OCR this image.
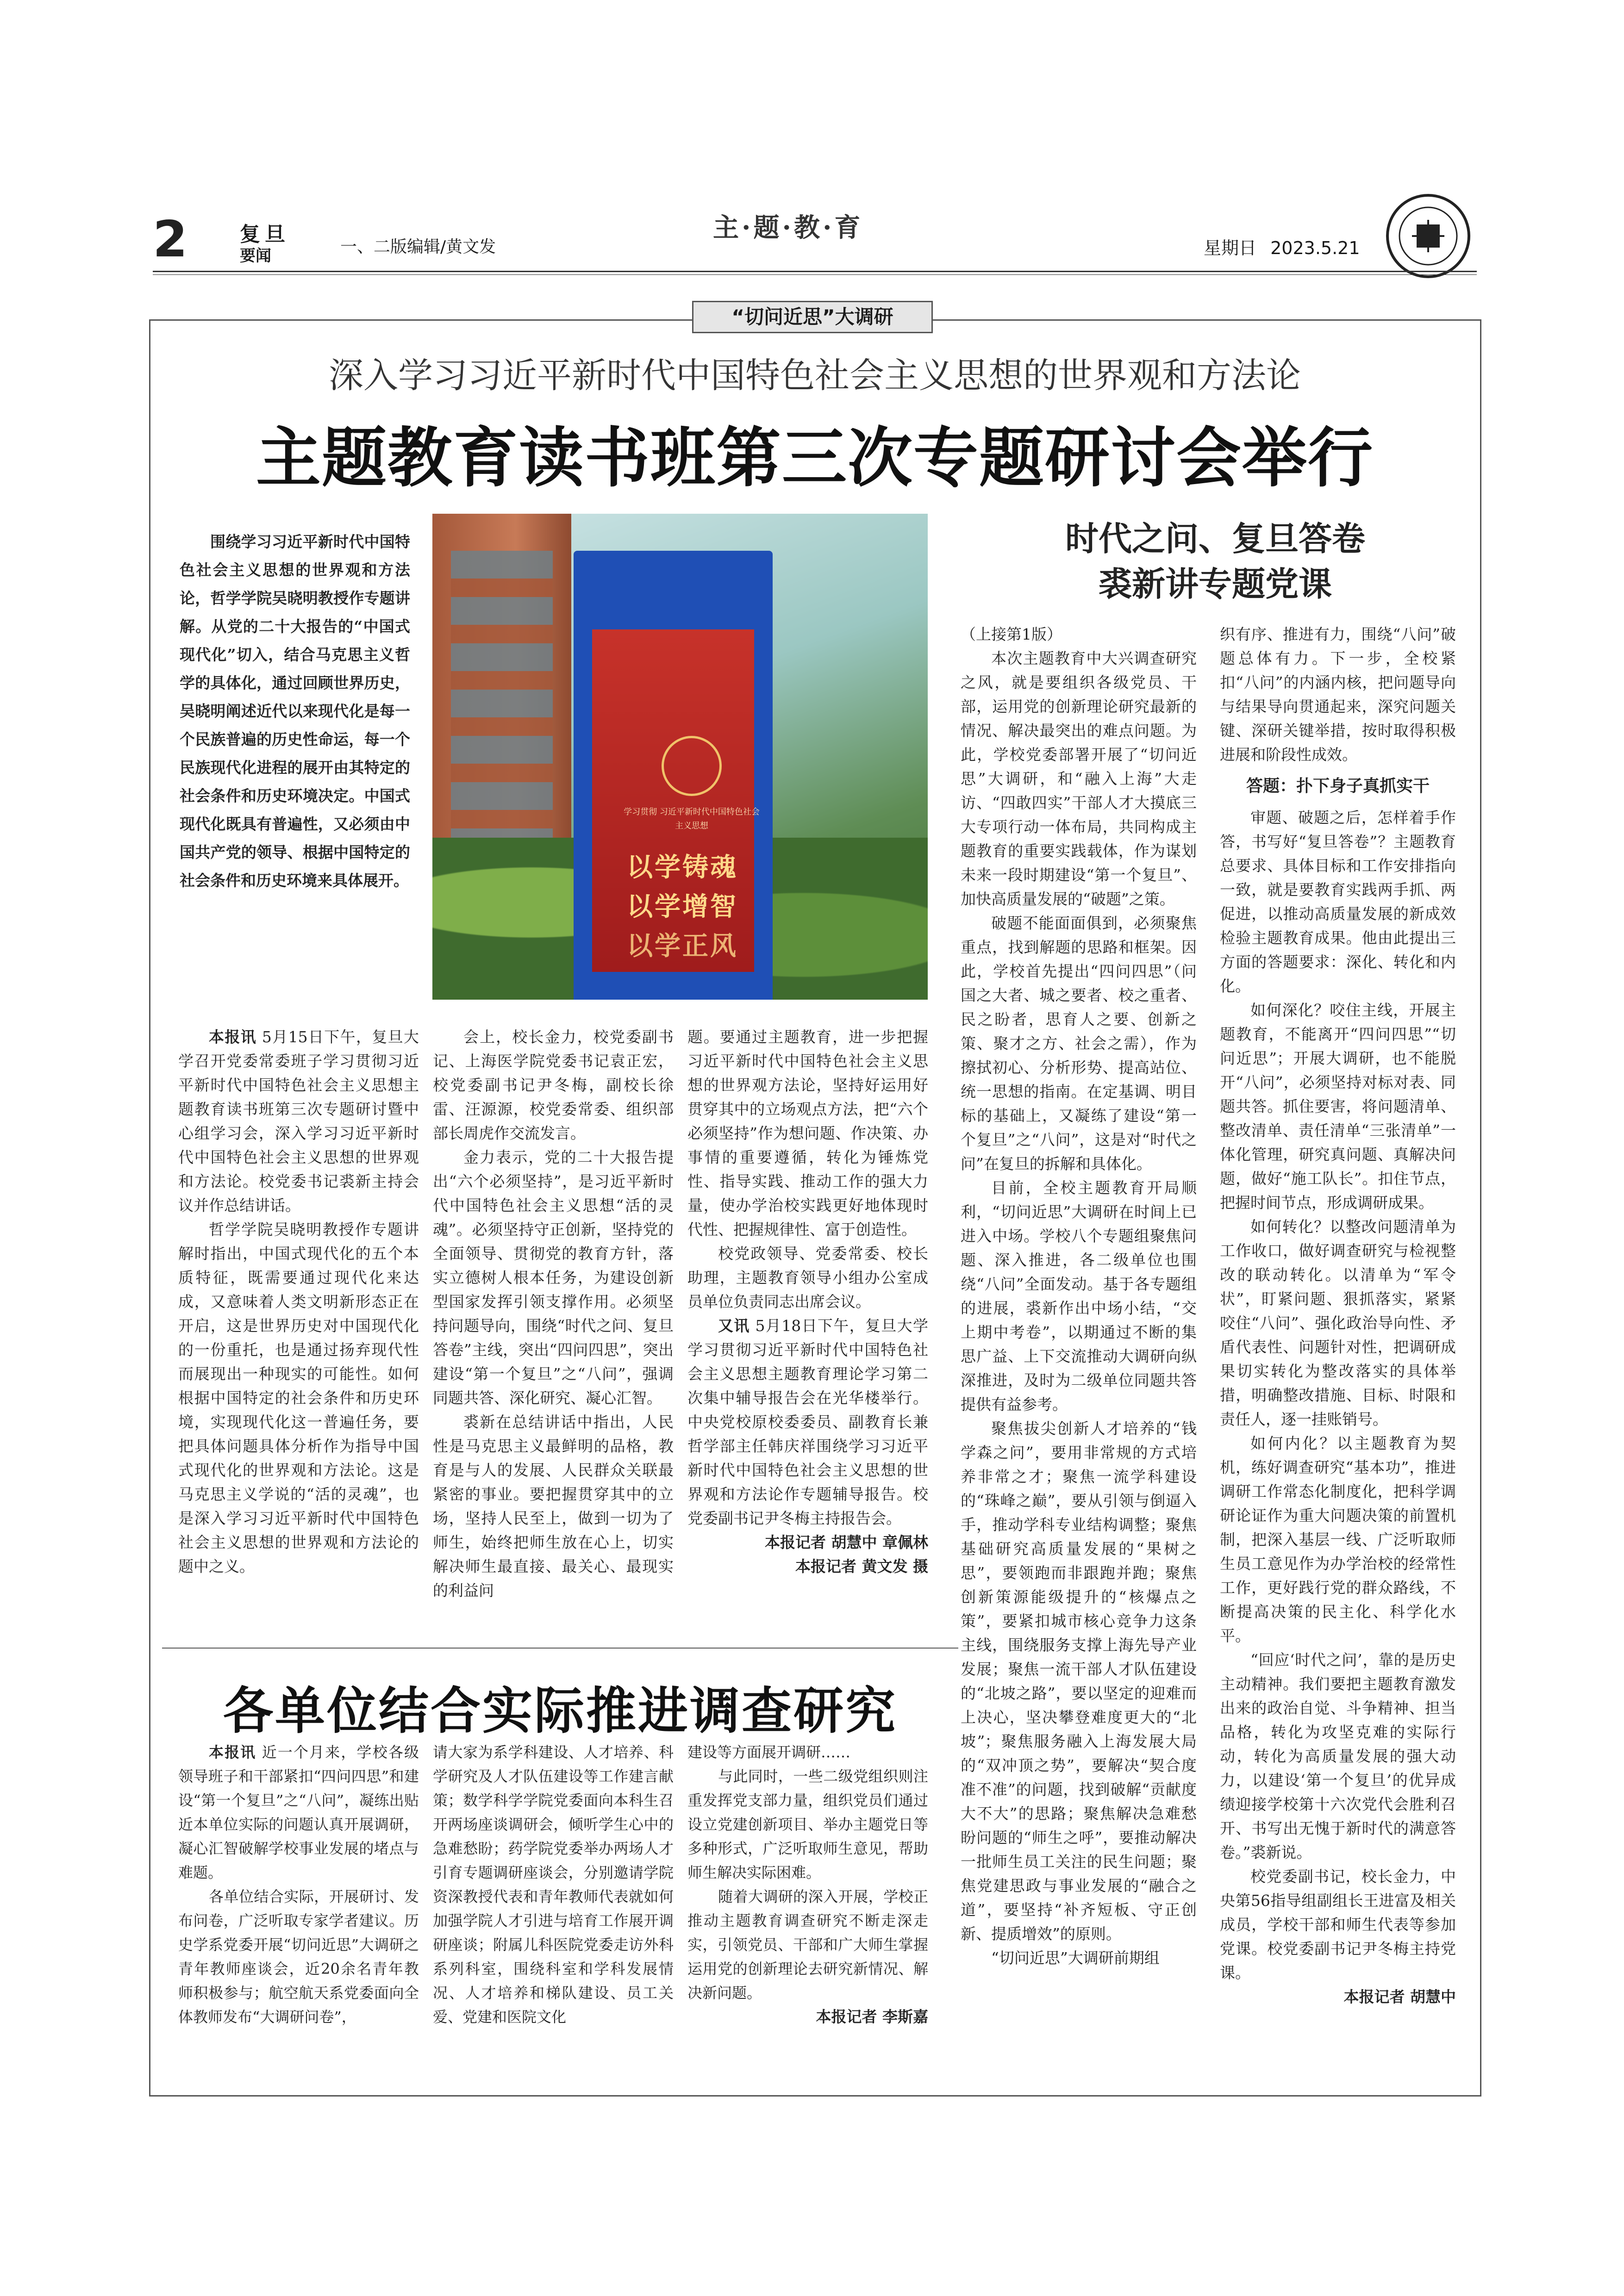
2	复旦
要闻	一、二版编辑/黄文发
主·题·教·育
星期日 2023.5.21
“切问近思”大调研
深入学习习近平新时代中国特色社会主义思想的世界观和方法论
主题教育读书班第三次专题研讨会举行
围绕学习习近平新时代中国特色社会主义思想的世界观和方法论，哲学学院吴晓明教授作专题讲解。从党的二十大报告的“中国式现代化”切入，结合马克思主义哲学的具体化，通过回顾世界历史，吴晓明阐述近代以来现代化是每一个民族普遍的历史性命运，每一个民族现代化进程的展开由其特定的社会条件和历史环境决定。中国式现代化既具有普遍性，又必须由中国共产党的领导、根据中国特定的社会条件和历史环境来具体展开。
学习贯彻 习近平新时代中国特色社会主义思想
以学铸魂
以学增智
以学正风

本报讯 5月15日下午，复旦大学召开党委常委班子学习贯彻习近平新时代中国特色社会主义思想主题教育读书班第三次专题研讨暨中心组学习会，深入学习习近平新时代中国特色社会主义思想的世界观和方法论。校党委书记裘新主持会议并作总结讲话。

哲学学院吴晓明教授作专题讲解时指出，中国式现代化的五个本质特征，既需要通过现代化来达成，又意味着人类文明新形态正在开启，这是世界历史对中国现代化的一份重托，也是通过扬弃现代性而展现出一种现实的可能性。如何根据中国特定的社会条件和历史环境，实现现代化这一普遍任务，要把具体问题具体分析作为指导中国式现代化的世界观和方法论。这是马克思主义学说的“活的灵魂”，也是深入学习习近平新时代中国特色社会主义思想的世界观和方法论的题中之义。

会上，校长金力，校党委副书记、上海医学院党委书记袁正宏，校党委副书记尹冬梅，副校长徐雷、汪源源，校党委常委、组织部部长周虎作交流发言。

金力表示，党的二十大报告提出“六个必须坚持”，是习近平新时代中国特色社会主义思想“活的灵魂”。必须坚持守正创新，坚持党的全面领导、贯彻党的教育方针，落实立德树人根本任务，为建设创新型国家发挥引领支撑作用。必须坚持问题导向，围绕“时代之问、复旦答卷”主线，突出“四问四思”，突出建设“第一个复旦”之“八问”，强调同题共答、深化研究、凝心汇智。

裘新在总结讲话中指出，人民性是马克思主义最鲜明的品格，教育是与人的发展、人民群众关联最紧密的事业。要把握贯穿其中的立场，坚持人民至上，做到一切为了师生，始终把师生放在心上，切实解决师生最直接、最关心、最现实的利益问

题。要通过主题教育，进一步把握习近平新时代中国特色社会主义思想的世界观方法论，坚持好运用好贯穿其中的立场观点方法，把“六个必须坚持”作为想问题、作决策、办事情的重要遵循，转化为锤炼党性、指导实践、推动工作的强大力量，使办学治校实践更好地体现时代性、把握规律性、富于创造性。

校党政领导、党委常委、校长助理，主题教育领导小组办公室成员单位负责同志出席会议。

又讯 5月18日下午，复旦大学学习贯彻习近平新时代中国特色社会主义思想主题教育理论学习第二次集中辅导报告会在光华楼举行。中央党校原校委委员、副教育长兼哲学部主任韩庆祥围绕学习习近平新时代中国特色社会主义思想的世界观和方法论作专题辅导报告。校党委副书记尹冬梅主持报告会。

本报记者 胡慧中 章佩林
本报记者 黄文发 摄
时代之问、复旦答卷
裘新讲专题党课

（上接第1版）

本次主题教育中大兴调查研究之风，就是要组织各级党员、干部，运用党的创新理论研究最新的情况、解决最突出的难点问题。为此，学校党委部署开展了“切问近思”大调研，和“融入上海”大走访、“四敢四实”干部人才大摸底三大专项行动一体布局，共同构成主题教育的重要实践载体，作为谋划未来一段时期建设“第一个复旦”、加快高质量发展的“破题”之策。

破题不能面面俱到，必须聚焦重点，找到解题的思路和框架。因此，学校首先提出“四问四思”（问国之大者、城之要者、校之重者、民之盼者，思育人之要、创新之策、聚才之方、社会之需），作为擦拭初心、分析形势、提高站位、统一思想的指南。在定基调、明目标的基础上，又凝练了建设“第一个复旦”之“八问”，这是对“时代之问”在复旦的拆解和具体化。

目前，全校主题教育开局顺利，“切问近思”大调研在时间上已进入中场。学校八个专题组聚焦问题、深入推进，各二级单位也围绕“八问”全面发动。基于各专题组的进展，裘新作出中场小结，“交上期中考卷”，以期通过不断的集思广益、上下交流推动大调研向纵深推进，及时为二级单位同题共答提供有益参考。

聚焦拔尖创新人才培养的“钱学森之问”，要用非常规的方式培养非常之才；聚焦一流学科建设的“珠峰之巅”，要从引领与倒逼入手，推动学科专业结构调整；聚焦基础研究高质量发展的“果树之思”，要领跑而非跟跑并跑；聚焦创新策源能级提升的“核爆点之策”，要紧扣城市核心竞争力这条主线，围绕服务支撑上海先导产业发展；聚焦一流干部人才队伍建设的“北坡之路”，要以坚定的迎难而上决心，坚决攀登难度更大的“北坡”；聚焦服务融入上海发展大局的“双冲顶之势”，要解决“契合度准不准”的问题，找到破解“贡献度大不大”的思路；聚焦解决急难愁盼问题的“师生之呼”，要推动解决一批师生员工关注的民生问题；聚焦党建思政与事业发展的“融合之道”，要坚持“补齐短板、守正创新、提质增效”的原则。

“切问近思”大调研前期组

织有序、推进有力，围绕“八问”破题总体有力。下一步，全校紧扣“八问”的内涵内核，把问题导向与结果导向贯通起来，深究问题关键、深研关键举措，按时取得积极进展和阶段性成效。

答题：扑下身子真抓实干

审题、破题之后，怎样着手作答，书写好“复旦答卷”？主题教育总要求、具体目标和工作安排指向一致，就是要教育实践两手抓、两促进，以推动高质量发展的新成效检验主题教育成果。他由此提出三方面的答题要求：深化、转化和内化。

如何深化？咬住主线，开展主题教育，不能离开“四问四思”“切问近思”；开展大调研，也不能脱开“八问”，必须坚持对标对表、同题共答。抓住要害，将问题清单、整改清单、责任清单“三张清单”一体化管理，研究真问题、真解决问题，做好“施工队长”。扣住节点，把握时间节点，形成调研成果。

如何转化？以整改问题清单为工作收口，做好调查研究与检视整改的联动转化。以清单为“军令状”，盯紧问题、狠抓落实，紧紧咬住“八问”、强化政治导向性、矛盾代表性、问题针对性，把调研成果切实转化为整改落实的具体举措，明确整改措施、目标、时限和责任人，逐一挂账销号。

如何内化？以主题教育为契机，练好调查研究“基本功”，推进调研工作常态化制度化，把科学调研论证作为重大问题决策的前置机制，把深入基层一线、广泛听取师生员工意见作为办学治校的经常性工作，更好践行党的群众路线，不断提高决策的民主化、科学化水平。

“回应‘时代之问’，靠的是历史主动精神。我们要把主题教育激发出来的政治自觉、斗争精神、担当品格，转化为攻坚克难的实际行动，转化为高质量发展的强大动力，以建设‘第一个复旦’的优异成绩迎接学校第十六次党代会胜利召开、书写出无愧于新时代的满意答卷。”裘新说。

校党委副书记，校长金力，中央第56指导组副组长王进富及相关成员，学校干部和师生代表等参加党课。校党委副书记尹冬梅主持党课。

本报记者 胡慧中
各单位结合实际推进调查研究

本报讯 近一个月来，学校各级领导班子和干部紧扣“四问四思”和建设“第一个复旦”之“八问”，凝练出贴近本单位实际的问题认真开展调研，凝心汇智破解学校事业发展的堵点与难题。

各单位结合实际，开展研讨、发布问卷，广泛听取专家学者建议。历史学系党委开展“切问近思”大调研之青年教师座谈会，近20余名青年教师积极参与；航空航天系党委面向全体教师发布“大调研问卷”，

请大家为系学科建设、人才培养、科学研究及人才队伍建设等工作建言献策；数学科学学院党委面向本科生召开两场座谈调研会，倾听学生心中的急难愁盼；药学院党委举办两场人才引育专题调研座谈会，分别邀请学院资深教授代表和青年教师代表就如何加强学院人才引进与培育工作展开调研座谈；附属儿科医院党委走访外科系列科室，围绕科室和学科发展情况、人才培养和梯队建设、员工关爱、党建和医院文化

建设等方面展开调研……

与此同时，一些二级党组织则注重发挥党支部力量，组织党员们通过设立党建创新项目、举办主题党日等多种形式，广泛听取师生意见，帮助师生解决实际困难。

随着大调研的深入开展，学校正推动主题教育调查研究不断走深走实，引领党员、干部和广大师生掌握运用党的创新理论去研究新情况、解决新问题。

本报记者 李斯嘉
